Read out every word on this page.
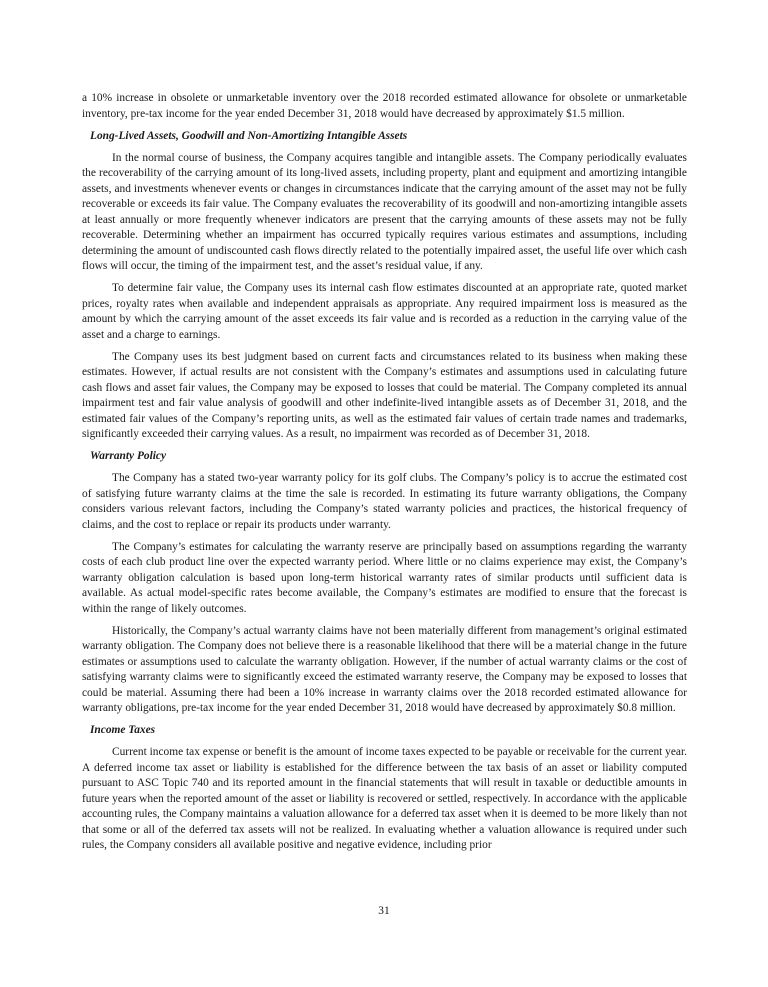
a 10% increase in obsolete or unmarketable inventory over the 2018 recorded estimated allowance for obsolete or unmarketable inventory, pre-tax income for the year ended December 31, 2018 would have decreased by approximately $1.5 million.

Long-Lived Assets, Goodwill and Non-Amortizing Intangible Assets

In the normal course of business, the Company acquires tangible and intangible assets. The Company periodically evaluates the recoverability of the carrying amount of its long-lived assets, including property, plant and equipment and amortizing intangible assets, and investments whenever events or changes in circumstances indicate that the carrying amount of the asset may not be fully recoverable or exceeds its fair value. The Company evaluates the recoverability of its goodwill and non-amortizing intangible assets at least annually or more frequently whenever indicators are present that the carrying amounts of these assets may not be fully recoverable. Determining whether an impairment has occurred typically requires various estimates and assumptions, including determining the amount of undiscounted cash flows directly related to the potentially impaired asset, the useful life over which cash flows will occur, the timing of the impairment test, and the asset’s residual value, if any.

To determine fair value, the Company uses its internal cash flow estimates discounted at an appropriate rate, quoted market prices, royalty rates when available and independent appraisals as appropriate. Any required impairment loss is measured as the amount by which the carrying amount of the asset exceeds its fair value and is recorded as a reduction in the carrying value of the asset and a charge to earnings.

The Company uses its best judgment based on current facts and circumstances related to its business when making these estimates. However, if actual results are not consistent with the Company’s estimates and assumptions used in calculating future cash flows and asset fair values, the Company may be exposed to losses that could be material. The Company completed its annual impairment test and fair value analysis of goodwill and other indefinite-lived intangible assets as of December 31, 2018, and the estimated fair values of the Company’s reporting units, as well as the estimated fair values of certain trade names and trademarks, significantly exceeded their carrying values. As a result, no impairment was recorded as of December 31, 2018.

Warranty Policy

The Company has a stated two-year warranty policy for its golf clubs. The Company’s policy is to accrue the estimated cost of satisfying future warranty claims at the time the sale is recorded. In estimating its future warranty obligations, the Company considers various relevant factors, including the Company’s stated warranty policies and practices, the historical frequency of claims, and the cost to replace or repair its products under warranty.

The Company’s estimates for calculating the warranty reserve are principally based on assumptions regarding the warranty costs of each club product line over the expected warranty period. Where little or no claims experience may exist, the Company’s warranty obligation calculation is based upon long-term historical warranty rates of similar products until sufficient data is available. As actual model-specific rates become available, the Company’s estimates are modified to ensure that the forecast is within the range of likely outcomes.

Historically, the Company’s actual warranty claims have not been materially different from management’s original estimated warranty obligation. The Company does not believe there is a reasonable likelihood that there will be a material change in the future estimates or assumptions used to calculate the warranty obligation. However, if the number of actual warranty claims or the cost of satisfying warranty claims were to significantly exceed the estimated warranty reserve, the Company may be exposed to losses that could be material. Assuming there had been a 10% increase in warranty claims over the 2018 recorded estimated allowance for warranty obligations, pre-tax income for the year ended December 31, 2018 would have decreased by approximately $0.8 million.

Income Taxes

Current income tax expense or benefit is the amount of income taxes expected to be payable or receivable for the current year. A deferred income tax asset or liability is established for the difference between the tax basis of an asset or liability computed pursuant to ASC Topic 740 and its reported amount in the financial statements that will result in taxable or deductible amounts in future years when the reported amount of the asset or liability is recovered or settled, respectively. In accordance with the applicable accounting rules, the Company maintains a valuation allowance for a deferred tax asset when it is deemed to be more likely than not that some or all of the deferred tax assets will not be realized. In evaluating whether a valuation allowance is required under such rules, the Company considers all available positive and negative evidence, including prior

31
